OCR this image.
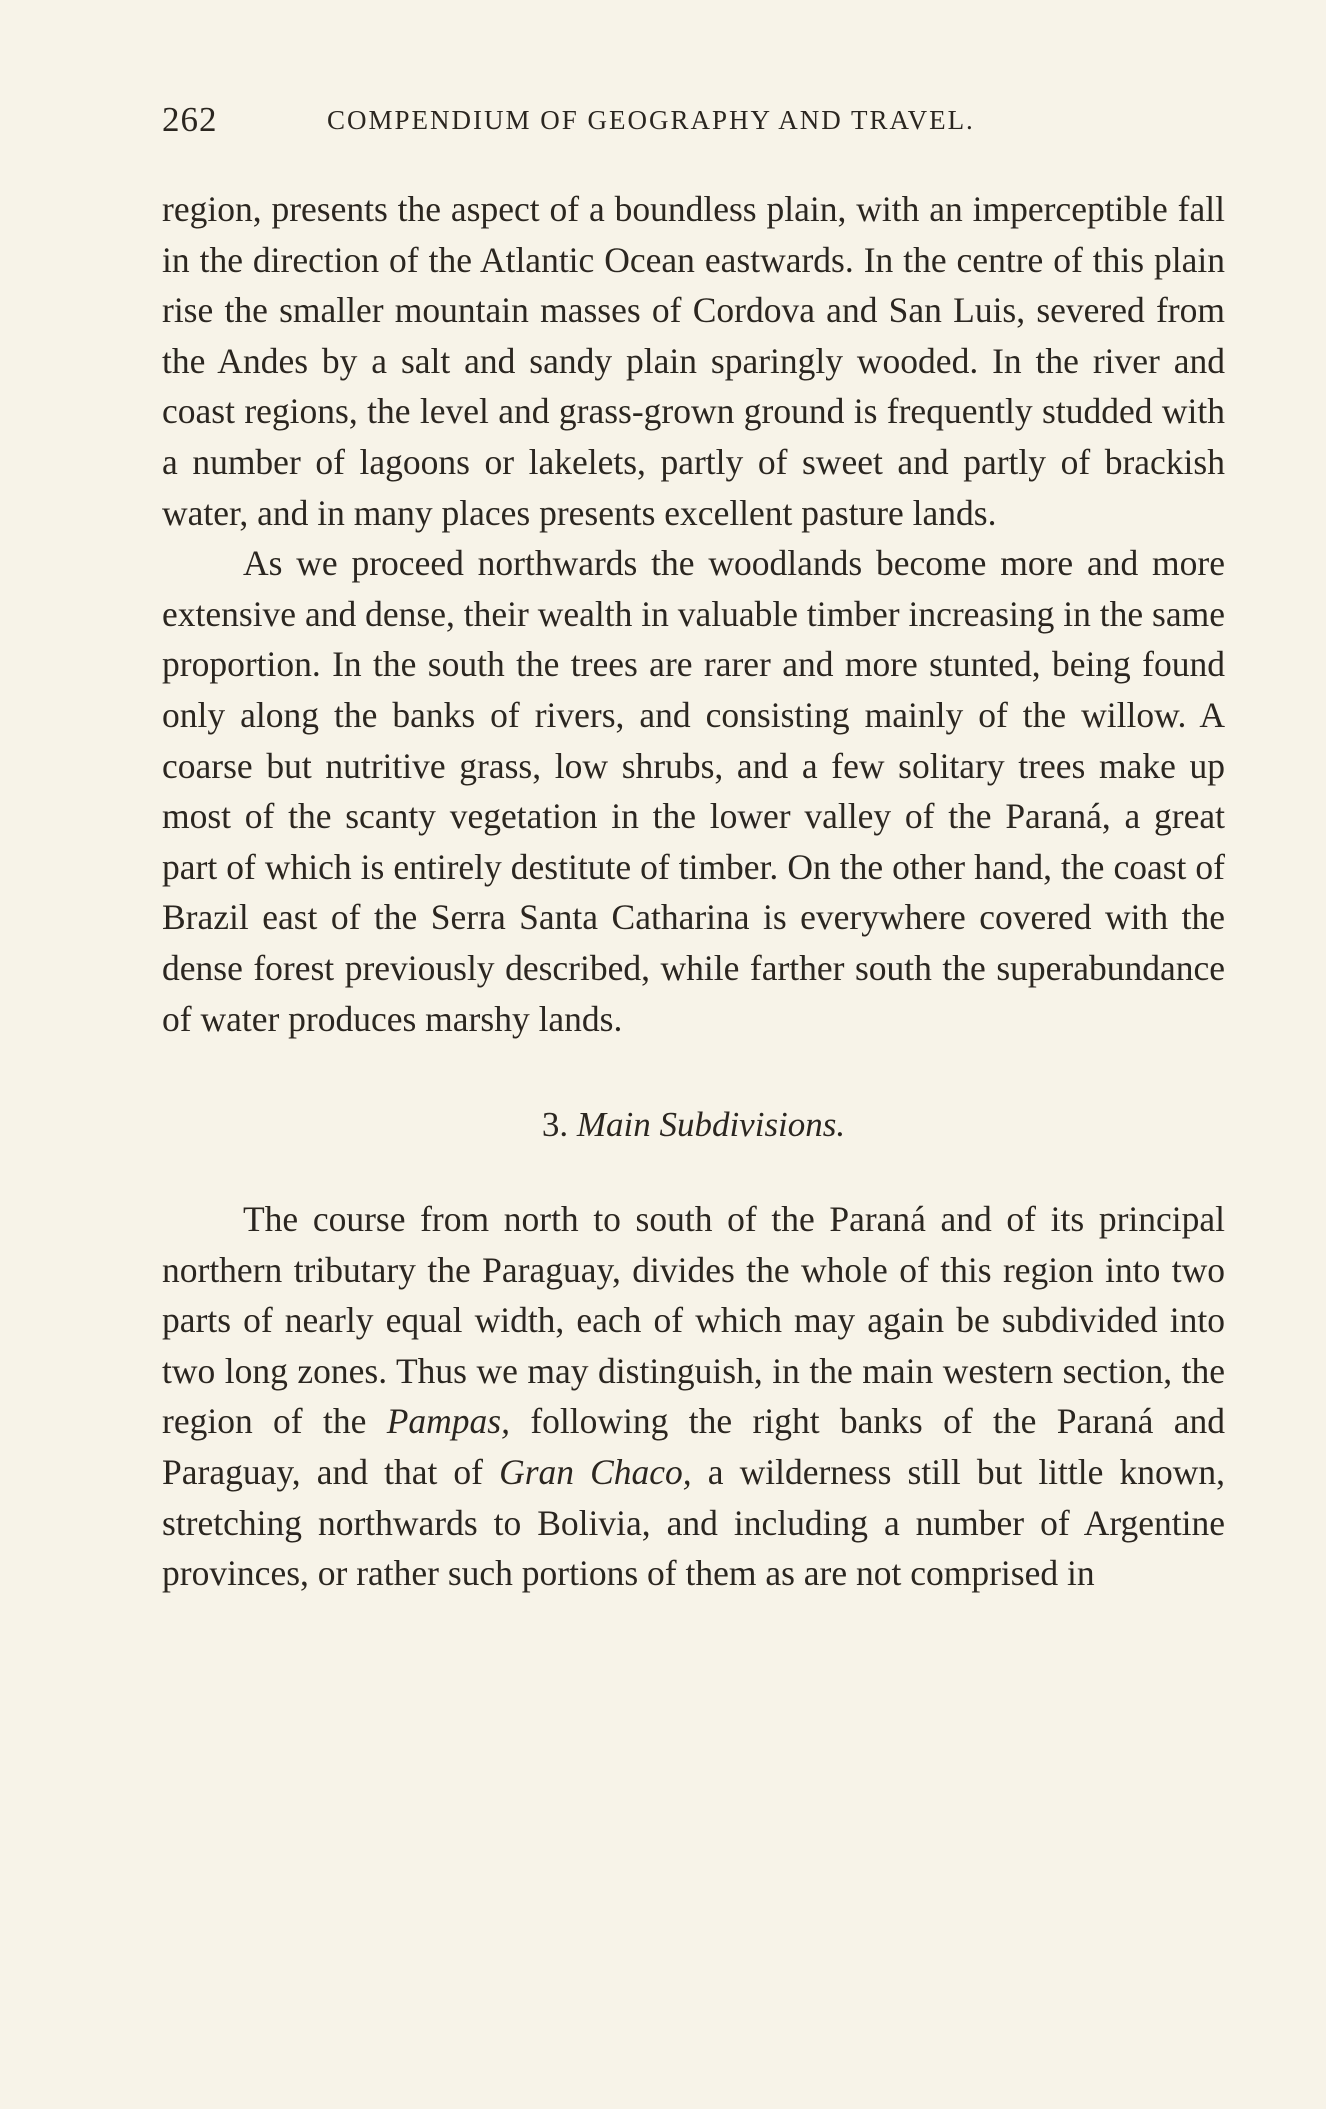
262	COMPENDIUM OF GEOGRAPHY AND TRAVEL.

region, presents the aspect of a boundless plain, with an imperceptible fall in the direction of the Atlantic Ocean eastwards. In the centre of this plain rise the smaller mountain masses of Cordova and San Luis, severed from the Andes by a salt and sandy plain sparingly wooded. In the river and coast regions, the level and grass-grown ground is frequently studded with a number of lagoons or lakelets, partly of sweet and partly of brackish water, and in many places presents excellent pasture lands.

As we proceed northwards the woodlands become more and more extensive and dense, their wealth in valuable timber increasing in the same proportion. In the south the trees are rarer and more stunted, being found only along the banks of rivers, and consisting mainly of the willow. A coarse but nutritive grass, low shrubs, and a few solitary trees make up most of the scanty vegetation in the lower valley of the Paraná, a great part of which is entirely destitute of timber. On the other hand, the coast of Brazil east of the Serra Santa Catharina is everywhere covered with the dense forest previously described, while farther south the superabundance of water produces marshy lands.

3. Main Subdivisions.

The course from north to south of the Paraná and of its principal northern tributary the Paraguay, divides the whole of this region into two parts of nearly equal width, each of which may again be subdivided into two long zones. Thus we may distinguish, in the main western section, the region of the Pampas, following the right banks of the Paraná and Paraguay, and that of Gran Chaco, a wilderness still but little known, stretching northwards to Bolivia, and including a number of Argentine provinces, or rather such portions of them as are not comprised in
